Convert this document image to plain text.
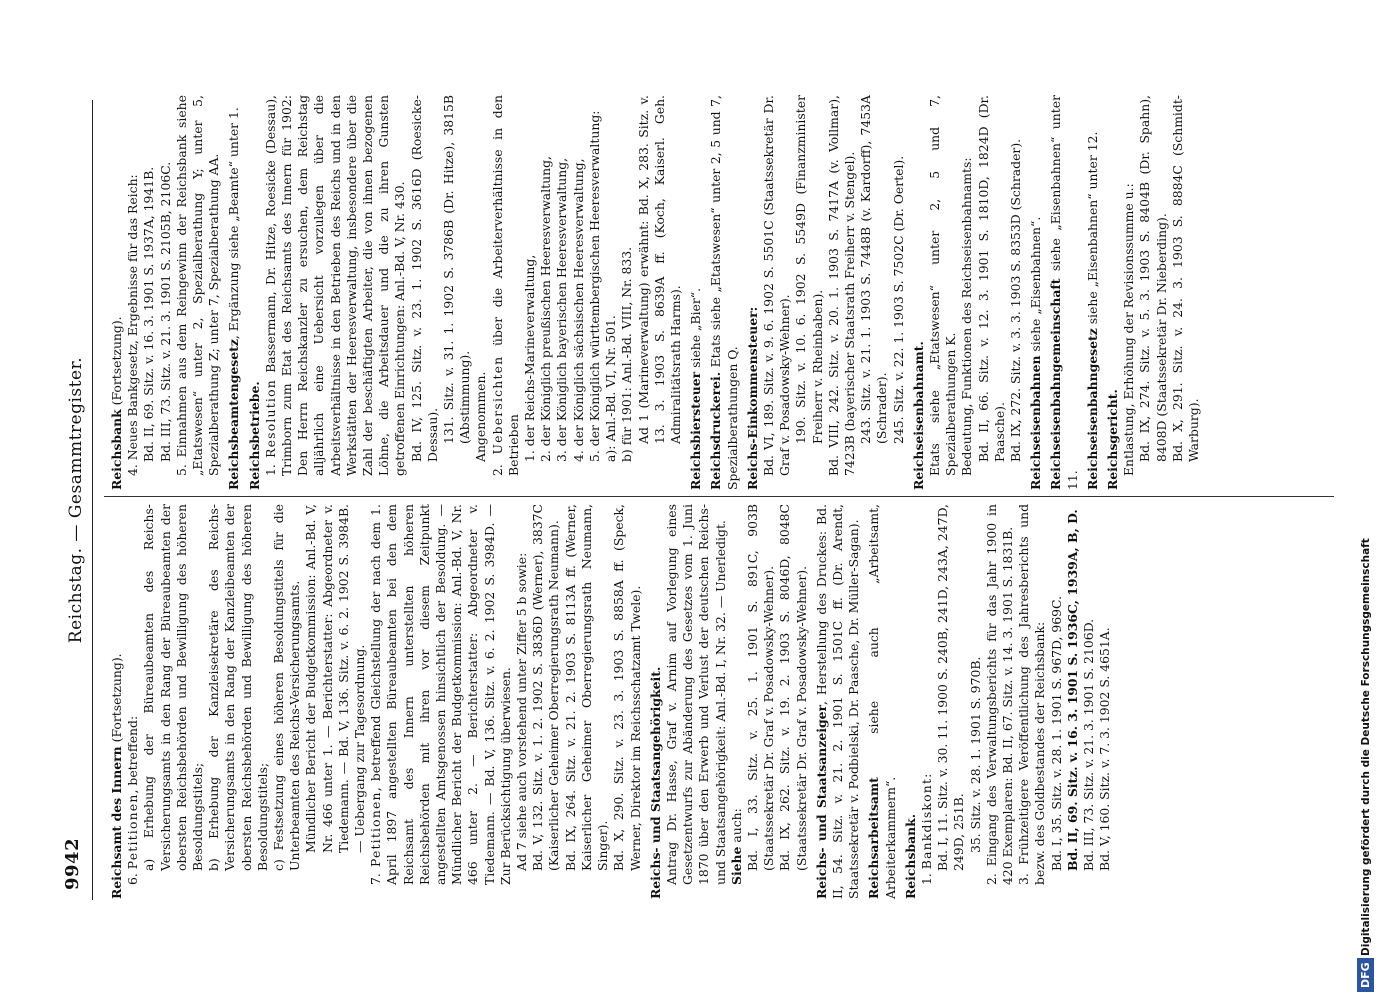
9942
Reichstag. — Gesammtregister.

Reichsamt des Innern (Fortsetzung).

6. Petitionen, betreffend: a) Erhebung der Büreaubeamten des Reichs-Versicherungsamts in den Rang der Büreaubeamten der obersten Reichsbehörden und Bewilligung des höheren Besoldungstitels; b) Erhebung der Kanzleisekretäre des Reichs-Versicherungsamts in den Rang der Kanzleibeamten der obersten Reichsbehörden und Bewilligung des höheren Besoldungstitels; c) Festsetzung eines höheren Besoldungstitels für die Unterbeamten des Reichs-Versicherungsamts. Mündlicher Bericht der Budgetkommission: Anl.-Bd. V, Nr. 466 unter 1. — Berichterstatter: Abgeordneter v. Tiedemann. — Bd. V, 136. Sitz. v. 6. 2. 1902 S. 3984B. — Uebergang zur Tagesordnung.

7. Petitionen, betreffend Gleichstellung der nach dem 1. April 1897 angestellten Büreaubeamten bei den dem Reichsamt des Innern unterstellten höheren Reichsbehörden mit ihren vor diesem Zeitpunkt angestellten Amtsgenossen hinsichtlich der Besoldung. — Mündlicher Bericht der Budgetkommission: Anl.-Bd. V, Nr. 466 unter 2. — Berichterstatter: Abgeordneter v. Tiedemann. — Bd. V, 136. Sitz. v. 6. 2. 1902 S. 3984D. — Zur Berücksichtigung überwiesen. Ad 7 siehe auch vorstehend unter Ziffer 5 b sowie: Bd. V, 132. Sitz. v. 1. 2. 1902 S. 3836D (Werner), 3837C (Kaiserlicher Geheimer Oberregierungsrath Neumann). Bd. IX, 264. Sitz. v. 21. 2. 1903 S. 8113A ff. (Werner, Kaiserlicher Geheimer Oberregierungsrath Neumann, Singer). Bd. X, 290. Sitz. v. 23. 3. 1903 S. 8858A ff. (Speck, Werner, Direktor im Reichsschatzamt Twele). Reichs- und Staatsangehörigkeit. Antrag Dr. Hasse, Graf v. Arnim auf Vorlegung eines Gesetzentwurfs zur Abänderung des Gesetzes vom 1. Juni 1870 über den Erwerb und Verlust der deutschen Reichs- und Staatsangehörigkeit: Anl.-Bd. I, Nr. 32. — Unerledigt. Siehe auch: Bd. I, 33. Sitz. v. 25. 1. 1901 S. 891C, 903B (Staatssekretär Dr. Graf v. Posadowsky-Wehner). Bd. IX, 262. Sitz. v. 19. 2. 1903 S. 8046D, 8048C (Staatssekretär Dr. Graf v. Posadowsky-Wehner). Reichs- und Staatsanzeiger, Herstellung des Druckes: Bd. II, 54. Sitz. v. 21. 2. 1901 S. 1501C ff. (Dr. Arendt, Staatssekretär v. Podbielski, Dr. Paasche, Dr. Müller-Sagan). Reichsarbeitsamt siehe auch „Arbeitsamt, Arbeiterkammern“. Reichsbank. 1. Bankdiskont: Bd. I, 11. Sitz. v. 30. 11. 1900 S. 240B, 241D, 243A, 247D, 249D, 251B. 35. Sitz. v. 28. 1. 1901 S. 970B. 2. Eingang des Verwaltungsberichts für das Jahr 1900 in 420 Exemplaren: Bd. II, 67. Sitz. v. 14. 3. 1901 S. 1831B. 3. Frühzeitigere Veröffentlichung des Jahresberichts und bezw. des Goldbestandes der Reichsbank: Bd. I, 35. Sitz. v. 28. 1. 1901 S. 967D, 969C. Bd. II, 69. Sitz. v. 16. 3. 1901 S. 1936C, 1939A, B, D. Bd. III, 73. Sitz. v. 21. 3. 1901 S. 2106D. Bd. V, 160. Sitz. v. 7. 3. 1902 S. 4651A.

Reichsbank (Fortsetzung). 4. Neues Bankgesetz, Ergebnisse für das Reich: Bd. II, 69. Sitz. v. 16. 3. 1901 S. 1937A, 1941B. Bd. III, 73. Sitz. v. 21. 3. 1901 S. 2105B, 2106C. 5. Einnahmen aus dem Reingewinn der Reichsbank siehe „Etatswesen“ unter 2, Spezialberathung Y; unter 5, Spezialberathung Z; unter 7, Spezialberathung AA. Reichsbeamtengesetz, Ergänzung siehe „Beamte“ unter 1.

Reichsbetriebe. 1. Resolution Bassermann, Dr. Hitze, Roesicke (Dessau), Trimborn zum Etat des Reichsamts des Innern für 1902: Den Herrn Reichskanzler zu ersuchen, dem Reichstag alljährlich eine Uebersicht vorzulegen über die Arbeitsverhältnisse in den Betrieben des Reichs und in den Werkstätten der Heeresverwaltung, insbesondere über die Zahl der beschäftigten Arbeiter, die von ihnen bezogenen Löhne, die Arbeitsdauer und die zu ihren Gunsten getroffenen Einrichtungen: Anl.-Bd. V, Nr. 430. Bd. IV, 125. Sitz. v. 23. 1. 1902 S. 3616D (Roesicke-Dessau). 131. Sitz. v. 31. 1. 1902 S. 3786B (Dr. Hitze), 3815B (Abstimmung). Angenommen.

2. Uebersichten über die Arbeiterverhältnisse in den Betrieben 1. der Reichs-Marineverwaltung, 2. der Königlich preußischen Heeresverwaltung, 3. der Königlich bayerischen Heeresverwaltung, 4. der Königlich sächsischen Heeresverwaltung, 5. der Königlich württembergischen Heeresverwaltung: a): Anl.-Bd. VI, Nr. 501. b) für 1901: Anl.-Bd. VIII, Nr. 833. Ad 1 (Marineverwaltung) erwähnt: Bd. X, 283. Sitz. v. 13. 3. 1903 S. 8639A ff. (Koch, Kaiserl. Geh. Admiralitätsrath Harms). Reichsbiersteuer siehe „Bier“.

Reichsdruckerei. Etats siehe „Etatswesen“ unter 2, 5 und 7, Spezialberathungen Q. Reichs-Einkommensteuer: Bd. VI, 189. Sitz. v. 9. 6. 1902 S. 5501C (Staatssekretär Dr. Graf v. Posadowsky-Wehner). 190. Sitz. v. 10. 6. 1902 S. 5549D (Finanzminister Freiherr v. Rheinbaben). Bd. VIII, 242. Sitz. v. 20. 1. 1903 S. 7417A (v. Vollmar), 7423B (bayerischer Staatsrath Freiherr v. Stengel). 243. Sitz. v. 21. 1. 1903 S. 7448B (v. Kardorff), 7453A (Schrader). 245. Sitz. v. 22. 1. 1903 S. 7502C (Dr. Oertel). Reichseisenbahnamt. Etats siehe „Etatswesen“ unter 2, 5 und 7, Spezialberathungen K. Bedeutung, Funktionen des Reichseisenbahnamts: Bd. II, 66. Sitz. v. 12. 3. 1901 S. 1810D, 1824D (Dr. Paasche). Bd. IX, 272. Sitz. v. 3. 3. 1903 S. 8353D (Schrader). Reichseisenbahnen siehe „Eisenbahnen“. Reichseisenbahngemeinschaft siehe „Eisenbahnen“ unter 11. Reichseisenbahngesetz siehe „Eisenbahnen“ unter 12.

Reichsgericht. Entlastung, Erhöhung der Revisionssumme u.: Bd. IX, 274. Sitz. v. 5. 3. 1903 S. 8404B (Dr. Spahn), 8408D (Staatssekretär Dr. Nieberding). Bd. X, 291. Sitz. v. 24. 3. 1903 S. 8884C (Schmidt-Warburg).

DFG
Digitalisierung gefördert durch die Deutsche Forschungsgemeinschaft
